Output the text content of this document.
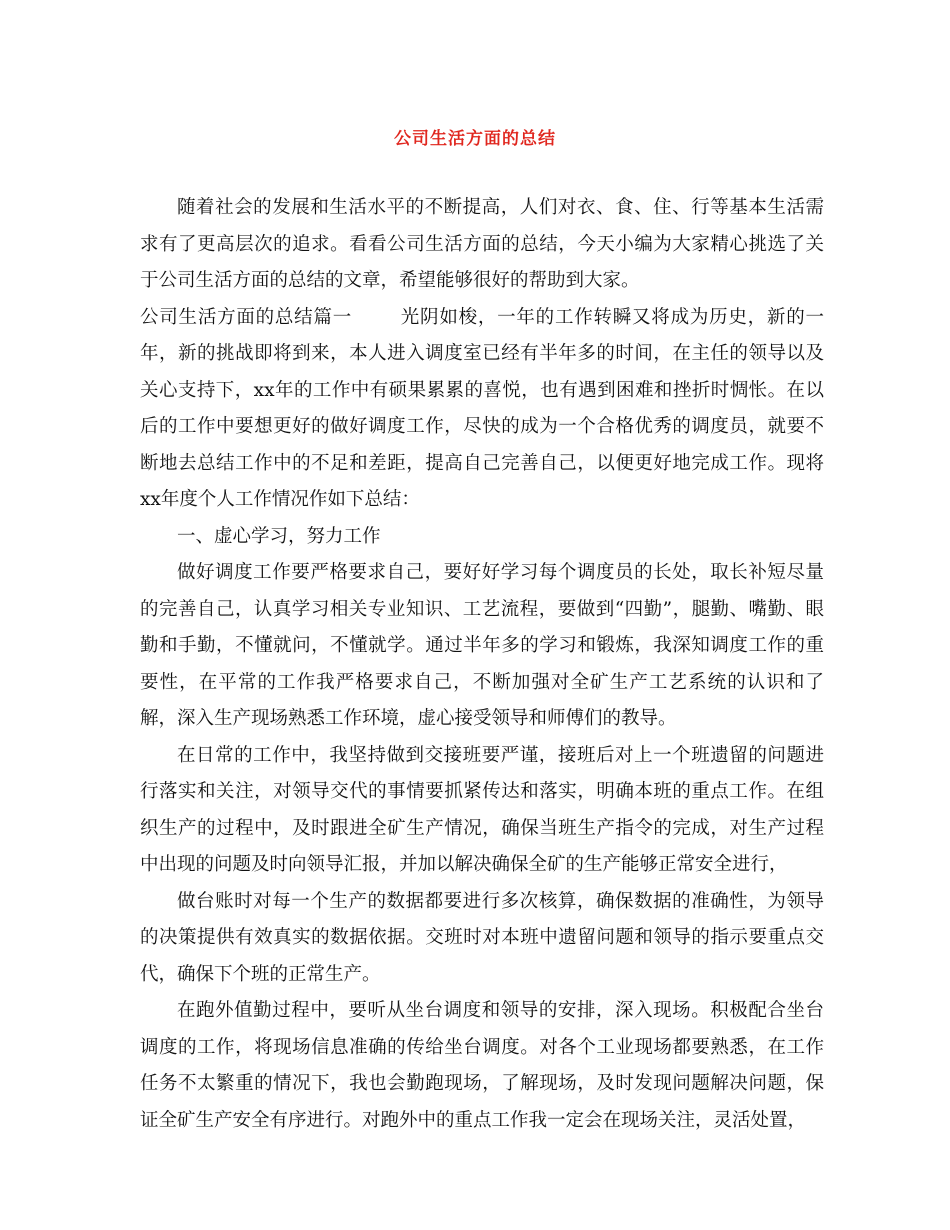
公司生活方面的总结

随着社会的发展和生活水平的不断提高，人们对衣、食、住、行等基本生活需求有了更高层次的追求。看看公司生活方面的总结，今天小编为大家精心挑选了关于公司生活方面的总结的文章，希望能够很好的帮助到大家。

公司生活方面的总结篇一	光阴如梭，一年的工作转瞬又将成为历史，新的一年，新的挑战即将到来，本人进入调度室已经有半年多的时间，在主任的领导以及关心支持下，xx年的工作中有硕果累累的喜悦，也有遇到困难和挫折时惆怅。在以后的工作中要想更好的做好调度工作，尽快的成为一个合格优秀的调度员，就要不断地去总结工作中的不足和差距，提高自己完善自己，以便更好地完成工作。现将xx年度个人工作情况作如下总结：

一、虚心学习，努力工作

做好调度工作要严格要求自己，要好好学习每个调度员的长处，取长补短尽量的完善自己，认真学习相关专业知识、工艺流程，要做到“四勤”，腿勤、嘴勤、眼勤和手勤，不懂就问，不懂就学。通过半年多的学习和锻炼，我深知调度工作的重要性，在平常的工作我严格要求自己，不断加强对全矿生产工艺系统的认识和了解，深入生产现场熟悉工作环境，虚心接受领导和师傅们的教导。

在日常的工作中，我坚持做到交接班要严谨，接班后对上一个班遗留的问题进行落实和关注，对领导交代的事情要抓紧传达和落实，明确本班的重点工作。在组织生产的过程中，及时跟进全矿生产情况，确保当班生产指令的完成，对生产过程中出现的问题及时向领导汇报，并加以解决确保全矿的生产能够正常安全进行，

做台账时对每一个生产的数据都要进行多次核算，确保数据的准确性，为领导的决策提供有效真实的数据依据。交班时对本班中遗留问题和领导的指示要重点交代，确保下个班的正常生产。

在跑外值勤过程中，要听从坐台调度和领导的安排，深入现场。积极配合坐台调度的工作，将现场信息准确的传给坐台调度。对各个工业现场都要熟悉，在工作任务不太繁重的情况下，我也会勤跑现场，了解现场，及时发现问题解决问题，保证全矿生产安全有序进行。对跑外中的重点工作我一定会在现场关注，灵活处置，
